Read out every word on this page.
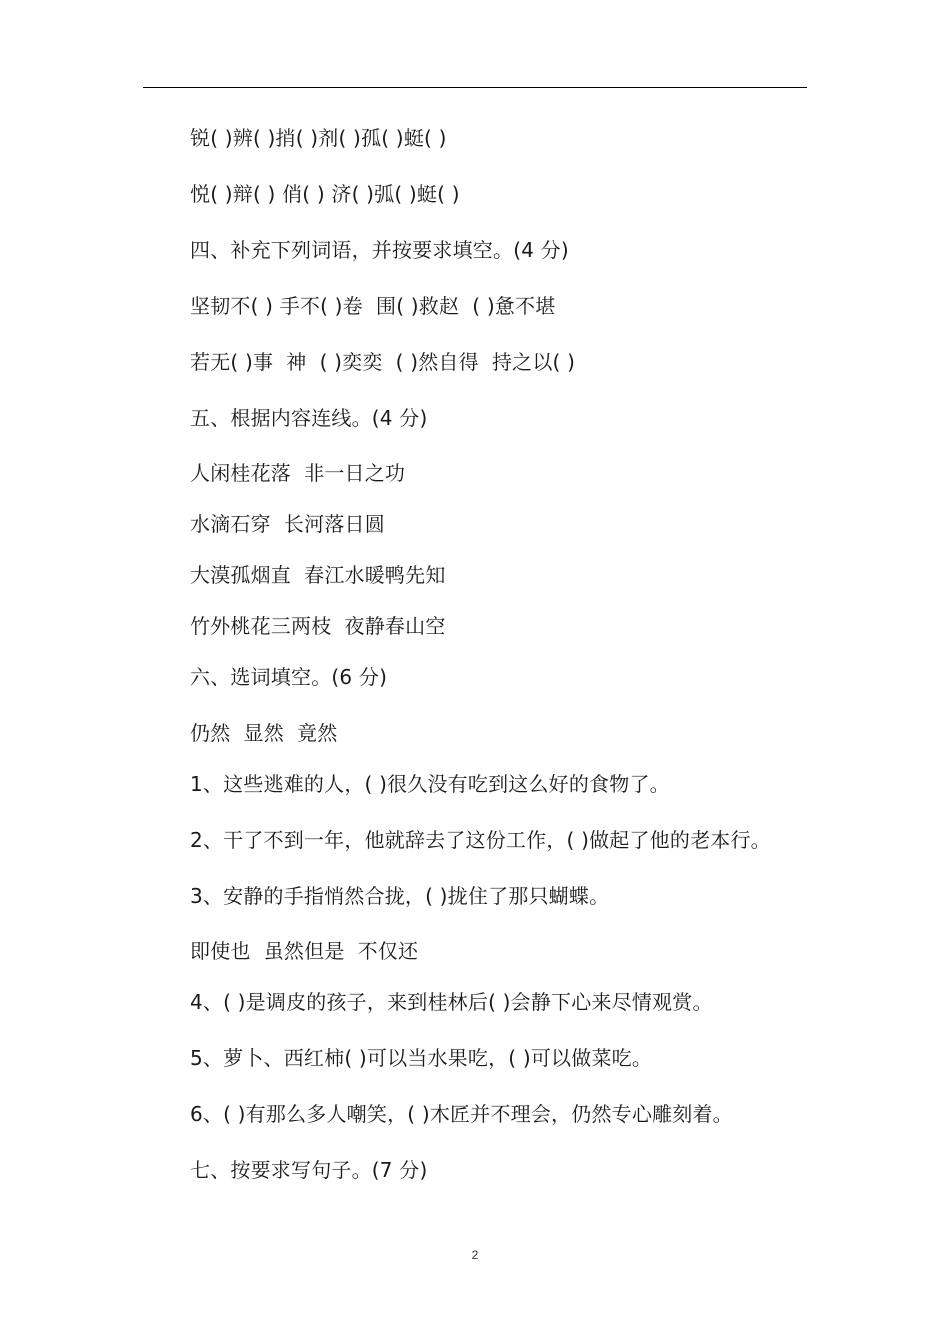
锐( )辨( )捎( )剂( )孤( )蜓( )
悦( )辩( ) 俏( ) 济( )弧( )蜓( )
四、补充下列词语，并按要求填空。(4 分)
坚韧不( ) 手不( )卷  围( )救赵  ( )惫不堪
若无( )事  神  ( )奕奕  ( )然自得  持之以( )
五、根据内容连线。(4 分)
人闲桂花落  非一日之功
水滴石穿  长河落日圆
大漠孤烟直  春江水暖鸭先知
竹外桃花三两枝  夜静春山空
六、选词填空。(6 分)
仍然  显然  竟然
1、这些逃难的人，( )很久没有吃到这么好的食物了。
2、干了不到一年，他就辞去了这份工作，( )做起了他的老本行。
3、安静的手指悄然合拢，( )拢住了那只蝴蝶。
即使也  虽然但是  不仅还
4、( )是调皮的孩子，来到桂林后( )会静下心来尽情观赏。
5、萝卜、西红柿( )可以当水果吃，( )可以做菜吃。
6、( )有那么多人嘲笑，( )木匠并不理会，仍然专心雕刻着。
七、按要求写句子。(7 分)
2
